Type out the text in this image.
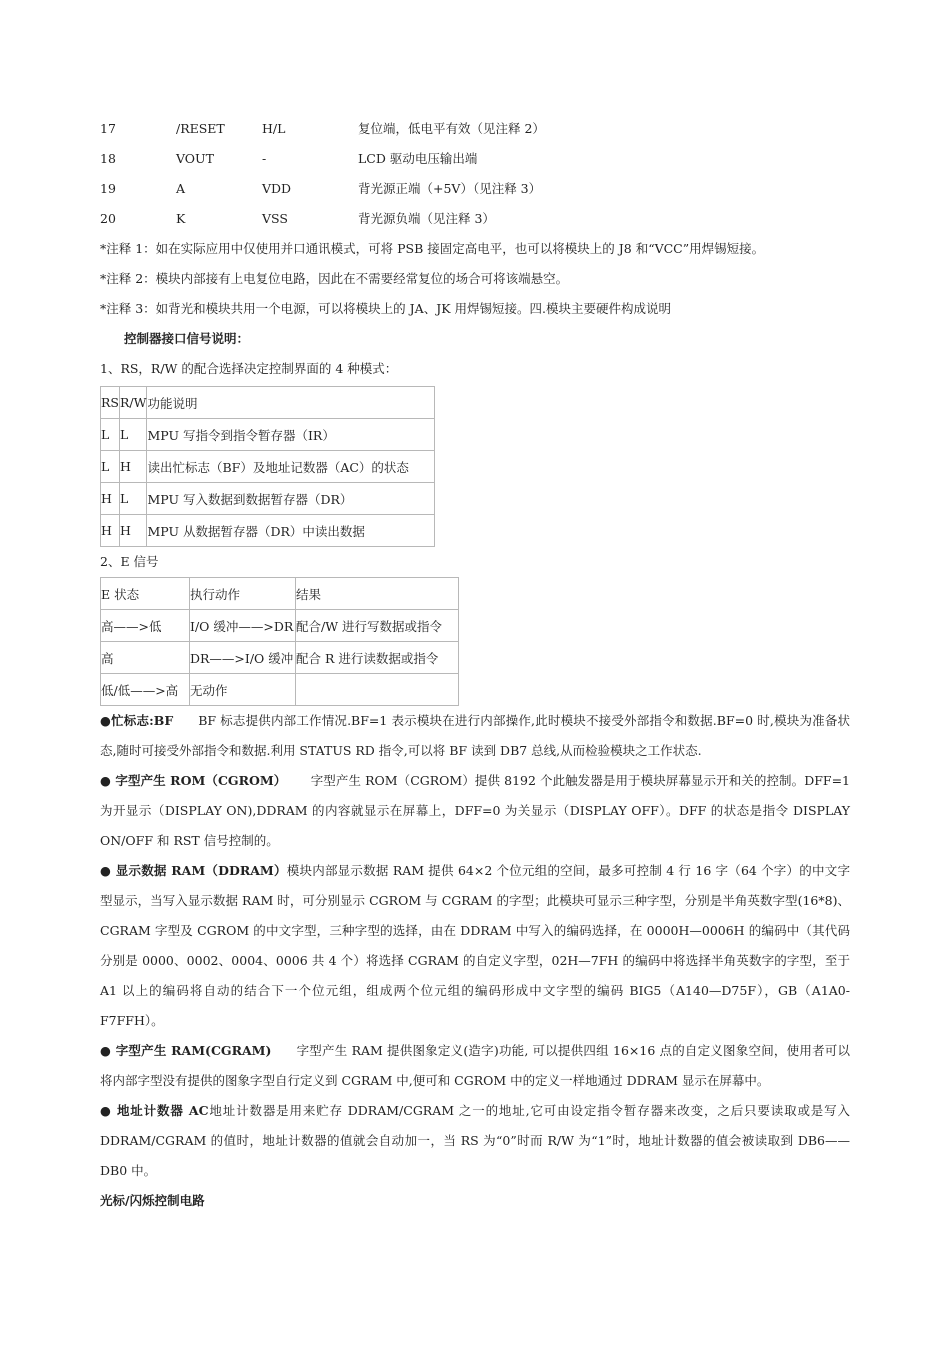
17	/RESET	H/L	复位端，低电平有效（见注释 2）
18	VOUT	-	LCD 驱动电压输出端
19	A	VDD	背光源正端（+5V）（见注释 3）
20	K	VSS	背光源负端（见注释 3）
*注释 1：如在实际应用中仅使用并口通讯模式，可将 PSB 接固定高电平，也可以将模块上的 J8 和“VCC”用焊锡短接。
*注释 2：模块内部接有上电复位电路，因此在不需要经常复位的场合可将该端悬空。
*注释 3：如背光和模块共用一个电源，可以将模块上的 JA、JK 用焊锡短接。四.模块主要硬件构成说明
控制器接口信号说明：
1、RS，R/W 的配合选择决定控制界面的 4 种模式：
RS	R/W	功能说明
L	L	MPU 写指令到指令暂存器（IR）
L	H	读出忙标志（BF）及地址记数器（AC）的状态
H	L	MPU 写入数据到数据暂存器（DR）
H	H	MPU 从数据暂存器（DR）中读出数据
2、E 信号
E 状态	执行动作	结果
高——>低	I/O 缓冲——>DR	配合/W 进行写数据或指令
高	DR——>I/O 缓冲	配合 R 进行读数据或指令
低/低——>高	无动作	
●忙标志:BF BF 标志提供内部工作情况.BF=1 表示模块在进行内部操作,此时模块不接受外部指令和数据.BF=0 时,模块为准备状态,随时可接受外部指令和数据.利用 STATUS RD 指令,可以将 BF 读到 DB7 总线,从而检验模块之工作状态.
● 字型产生 ROM（CGROM） 字型产生 ROM（CGROM）提供 8192 个此触发器是用于模块屏幕显示开和关的控制。DFF=1 为开显示（DISPLAY ON),DDRAM 的内容就显示在屏幕上，DFF=0 为关显示（DISPLAY OFF）。DFF 的状态是指令 DISPLAY ON/OFF 和 RST 信号控制的。
● 显示数据 RAM（DDRAM）模块内部显示数据 RAM 提供 64×2 个位元组的空间，最多可控制 4 行 16 字（64 个字）的中文字型显示，当写入显示数据 RAM 时，可分别显示 CGROM 与 CGRAM 的字型；此模块可显示三种字型，分别是半角英数字型(16*8)、CGRAM 字型及 CGROM 的中文字型，三种字型的选择，由在 DDRAM 中写入的编码选择，在 0000H—0006H 的编码中（其代码分别是 0000、0002、0004、0006 共 4 个）将选择 CGRAM 的自定义字型，02H—7FH 的编码中将选择半角英数字的字型，至于 A1 以上的编码将自动的结合下一个位元组，组成两个位元组的编码形成中文字型的编码 BIG5（A140—D75F），GB（A1A0-F7FFH）。
● 字型产生 RAM(CGRAM) 字型产生 RAM 提供图象定义(造字)功能, 可以提供四组 16×16 点的自定义图象空间，使用者可以将内部字型没有提供的图象字型自行定义到 CGRAM 中,便可和 CGROM 中的定义一样地通过 DDRAM 显示在屏幕中。
● 地址计数器 AC地址计数器是用来贮存 DDRAM/CGRAM 之一的地址,它可由设定指令暂存器来改变，之后只要读取或是写入 DDRAM/CGRAM 的值时，地址计数器的值就会自动加一，当 RS 为“0”时而 R/W 为“1”时，地址计数器的值会被读取到 DB6——DB0 中。
光标/闪烁控制电路
